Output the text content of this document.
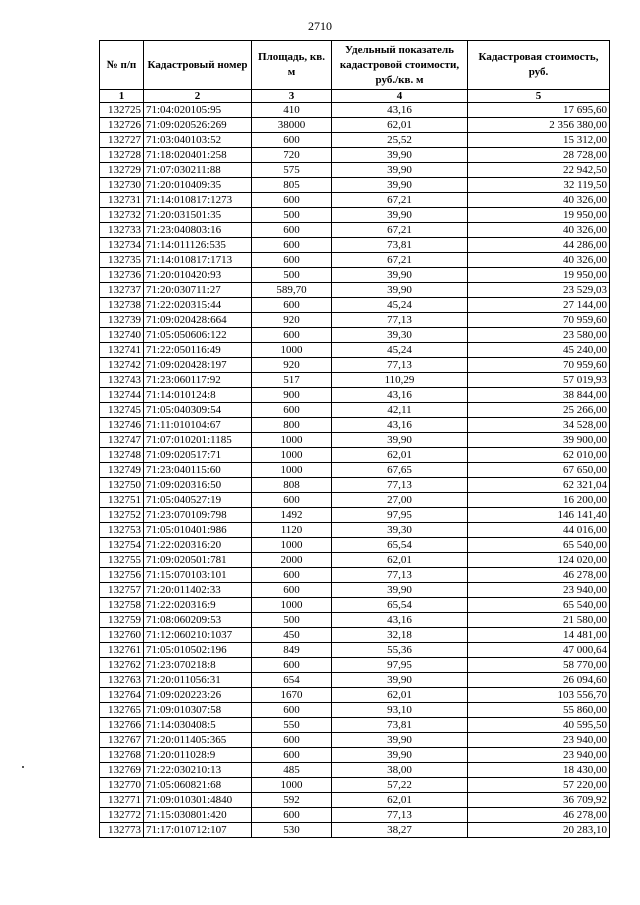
2710
№ п/п	Кадастровый номер	Площадь, кв. м	Удельный показатель кадастровой стоимости, руб./кв. м	Кадастровая стоимость, руб.
1	2	3	4	5
132725	71:04:020105:95	410	43,16	17 695,60
132726	71:09:020526:269	38000	62,01	2 356 380,00
132727	71:03:040103:52	600	25,52	15 312,00
132728	71:18:020401:258	720	39,90	28 728,00
132729	71:07:030211:88	575	39,90	22 942,50
132730	71:20:010409:35	805	39,90	32 119,50
132731	71:14:010817:1273	600	67,21	40 326,00
132732	71:20:031501:35	500	39,90	19 950,00
132733	71:23:040803:16	600	67,21	40 326,00
132734	71:14:011126:535	600	73,81	44 286,00
132735	71:14:010817:1713	600	67,21	40 326,00
132736	71:20:010420:93	500	39,90	19 950,00
132737	71:20:030711:27	589,70	39,90	23 529,03
132738	71:22:020315:44	600	45,24	27 144,00
132739	71:09:020428:664	920	77,13	70 959,60
132740	71:05:050606:122	600	39,30	23 580,00
132741	71:22:050116:49	1000	45,24	45 240,00
132742	71:09:020428:197	920	77,13	70 959,60
132743	71:23:060117:92	517	110,29	57 019,93
132744	71:14:010124:8	900	43,16	38 844,00
132745	71:05:040309:54	600	42,11	25 266,00
132746	71:11:010104:67	800	43,16	34 528,00
132747	71:07:010201:1185	1000	39,90	39 900,00
132748	71:09:020517:71	1000	62,01	62 010,00
132749	71:23:040115:60	1000	67,65	67 650,00
132750	71:09:020316:50	808	77,13	62 321,04
132751	71:05:040527:19	600	27,00	16 200,00
132752	71:23:070109:798	1492	97,95	146 141,40
132753	71:05:010401:986	1120	39,30	44 016,00
132754	71:22:020316:20	1000	65,54	65 540,00
132755	71:09:020501:781	2000	62,01	124 020,00
132756	71:15:070103:101	600	77,13	46 278,00
132757	71:20:011402:33	600	39,90	23 940,00
132758	71:22:020316:9	1000	65,54	65 540,00
132759	71:08:060209:53	500	43,16	21 580,00
132760	71:12:060210:1037	450	32,18	14 481,00
132761	71:05:010502:196	849	55,36	47 000,64
132762	71:23:070218:8	600	97,95	58 770,00
132763	71:20:011056:31	654	39,90	26 094,60
132764	71:09:020223:26	1670	62,01	103 556,70
132765	71:09:010307:58	600	93,10	55 860,00
132766	71:14:030408:5	550	73,81	40 595,50
132767	71:20:011405:365	600	39,90	23 940,00
132768	71:20:011028:9	600	39,90	23 940,00
132769	71:22:030210:13	485	38,00	18 430,00
132770	71:05:060821:68	1000	57,22	57 220,00
132771	71:09:010301:4840	592	62,01	36 709,92
132772	71:15:030801:420	600	77,13	46 278,00
132773	71:17:010712:107	530	38,27	20 283,10
